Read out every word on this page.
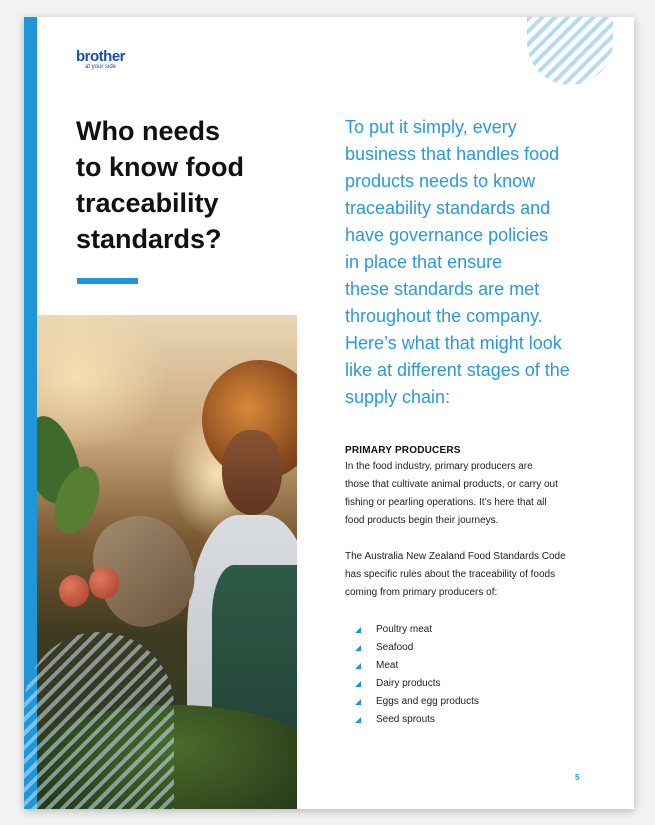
brother
at your side
Who needs
to know food
traceability
standards?
To put it simply, every
business that handles food
products needs to know
traceability standards and
have governance policies
in place that ensure
these standards are met
throughout the company.
Here’s what that might look
like at different stages of the
supply chain:
PRIMARY PRODUCERS
In the food industry, primary producers are
those that cultivate animal products, or carry out
fishing or pearling operations. It’s here that all
food products begin their journeys.
The Australia New Zealand Food Standards Code
has specific rules about the traceability of foods
coming from primary producers of:
Poultry meat
Seafood
Meat
Dairy products
Eggs and egg products
Seed sprouts
5
